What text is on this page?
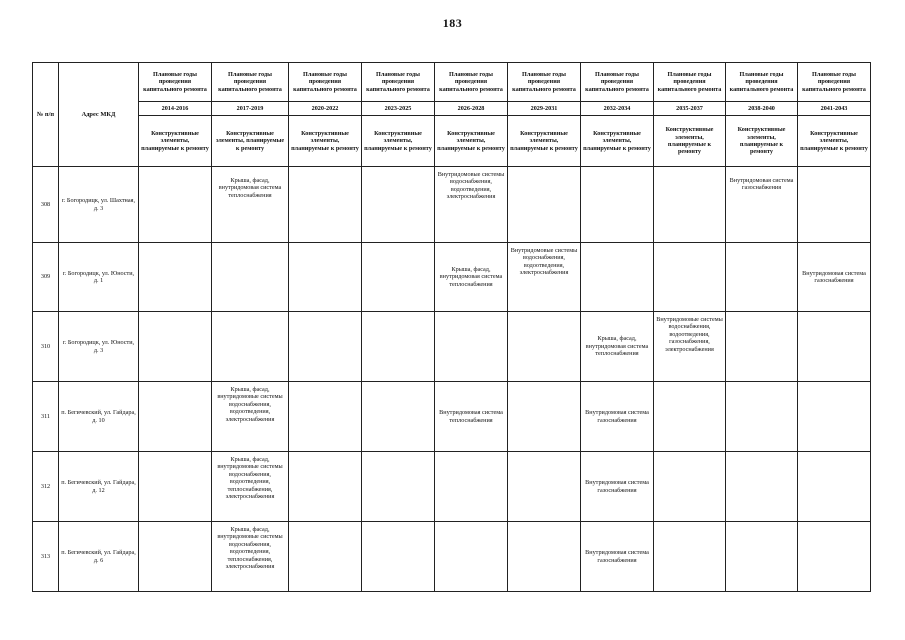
183
№ п/п	Адрес МКД	Плановые годы проведения капитального ремонта	Плановые годы проведения капитального ремонта	Плановые годы проведения капитального ремонта	Плановые годы проведения капитального ремонта	Плановые годы проведения капитального ремонта	Плановые годы проведения капитального ремонта	Плановые годы проведения капитального ремонта	Плановые годы проведения капитального ремонта	Плановые годы проведения капитального ремонта	Плановые годы проведения капитального ремонта
		2014-2016	2017-2019	2020-2022	2023-2025	2026-2028	2029-2031	2032-2034	2035-2037	2038-2040	2041-2043
		Конструктивные элементы, планируемые к ремонту	Конструктивные элементы, планируемые к ремонту	Конструктивные элементы, планируемые к ремонту	Конструктивные элементы, планируемые к ремонту	Конструктивные элементы, планируемые к ремонту	Конструктивные элементы, планируемые к ремонту	Конструктивные элементы, планируемые к ремонту	Конструктивные элементы, планируемые к ремонту	Конструктивные элементы, планируемые к ремонту	Конструктивные элементы, планируемые к ремонту
308	г. Богородицк, ул. Шахтная, д. 3		Крыша, фасад, внутридомовая система теплоснабжения			Внутридомовые системы водоснабжения, водоотведения, электроснабжения				Внутридомовая система газоснабжения	
309	г. Богородицк, ул. Юности, д. 1					Крыша, фасад, внутридомовая система теплоснабжения	Внутридомовые системы водоснабжения, водоотведения, электроснабжения				Внутридомовая система газоснабжения
310	г. Богородицк, ул. Юности, д. 3							Крыша, фасад, внутридомовая система теплоснабжения	Внутридомовые системы водоснабжения, водоотведения, газоснабжения, электроснабжения		
311	п. Бегичевский, ул. Гайдара, д. 10		Крыша, фасад, внутридомовые системы водоснабжения, водоотведения, электроснабжения			Внутридомовая система теплоснабжения		Внутридомовая система газоснабжения			
312	п. Бегичевский, ул. Гайдара, д. 12		Крыша, фасад, внутридомовые системы водоснабжения, водоотведения, теплоснабжения, электроснабжения					Внутридомовая система газоснабжения			
313	п. Бегичевский, ул. Гайдара, д. 6		Крыша, фасад, внутридомовые системы водоснабжения, водоотведения, теплоснабжения, электроснабжения					Внутридомовая система газоснабжения			
